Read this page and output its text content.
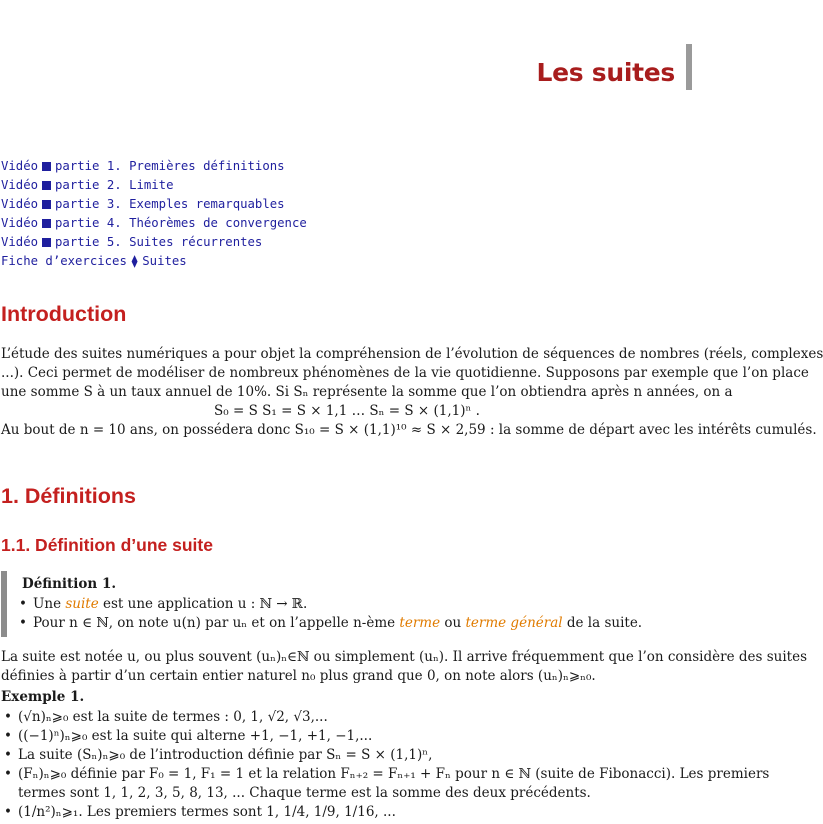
Les suites
Vidéo partie 1. Premières définitions
Vidéo partie 2. Limite
Vidéo partie 3. Exemples remarquables
Vidéo partie 4. Théorèmes de convergence
Vidéo partie 5. Suites récurrentes
Fiche d’exercices ⧫ Suites
Introduction
L’étude des suites numériques a pour objet la compréhension de l’évolution de séquences de nombres (réels, complexes
...). Ceci permet de modéliser de nombreux phénomènes de la vie quotidienne. Supposons par exemple que l’on place
une somme S à un taux annuel de 10%. Si Sₙ représente la somme que l’on obtiendra après n années, on a
S₀ = S S₁ = S × 1,1 … Sₙ = S × (1,1)ⁿ .
Au bout de n = 10 ans, on possédera donc S₁₀ = S × (1,1)¹⁰ ≈ S × 2,59 : la somme de départ avec les intérêts cumulés.
1. Définitions
1.1. Définition d’une suite
Définition 1.
• Une suite est une application u : ℕ → ℝ.
• Pour n ∈ ℕ, on note u(n) par uₙ et on l’appelle n-ème terme ou terme général de la suite.
La suite est notée u, ou plus souvent (uₙ)ₙ∈ℕ ou simplement (uₙ). Il arrive fréquemment que l’on considère des suites
définies à partir d’un certain entier naturel n₀ plus grand que 0, on note alors (uₙ)ₙ⩾ₙ₀.
Exemple 1.
• (√n)ₙ⩾₀ est la suite de termes : 0, 1, √2, √3,...
• ((−1)ⁿ)ₙ⩾₀ est la suite qui alterne +1, −1, +1, −1,...
• La suite (Sₙ)ₙ⩾₀ de l’introduction définie par Sₙ = S × (1,1)ⁿ,
• (Fₙ)ₙ⩾₀ définie par F₀ = 1, F₁ = 1 et la relation Fₙ₊₂ = Fₙ₊₁ + Fₙ pour n ∈ ℕ (suite de Fibonacci). Les premiers
termes sont 1, 1, 2, 3, 5, 8, 13, ... Chaque terme est la somme des deux précédents.
• (1/n²)ₙ⩾₁. Les premiers termes sont 1, 1/4, 1/9, 1/16, ...
